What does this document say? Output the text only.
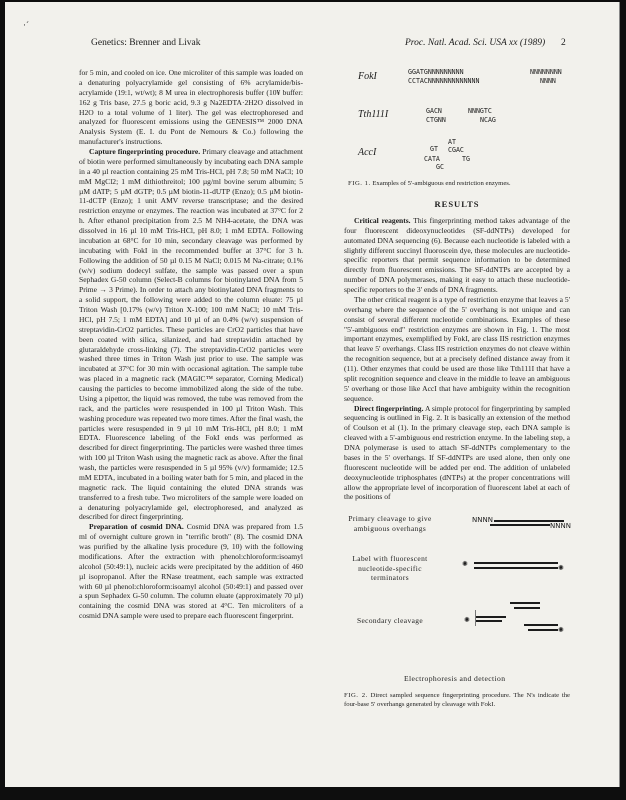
·ˊ
Genetics: Brenner and Livak	Proc. Natl. Acad. Sci. USA xx (1989) 2

for 5 min, and cooled on ice. One microliter of this sample was loaded on a denaturing polyacrylamide gel consisting of 6% acrylamide/bis-acrylamide (19:1, wt/wt); 8 M urea in electrophoresis buffer (10¥ buffer: 162 g Tris base, 27.5 g boric acid, 9.3 g Na2EDTA·2H2O dissolved in H2O to a total volume of 1 liter). The gel was electrophoresed and analyzed for fluorescent emissions using the GENESIS™ 2000 DNA Analysis System (E. I. du Pont de Nemours & Co.) following the manufacturer's instructions.

Capture fingerprinting procedure. Primary cleavage and attachment of biotin were performed simultaneously by incubating each DNA sample in a 40 µl reaction containing 25 mM Tris-HCl, pH 7.8; 50 mM NaCl; 10 mM MgCl2; 1 mM dithiothreitol; 100 µg/ml bovine serum albumin; 5 µM dATP; 5 µM dGTP; 0.5 µM biotin-11-dUTP (Enzo); 0.5 µM biotin-11-dCTP (Enzo); 1 unit AMV reverse transcriptase; and the desired restriction enzyme or enzymes. The reaction was incubated at 37°C for 2 h. After ethanol precipitation from 2.5 M NH4-acetate, the DNA was dissolved in 16 µl 10 mM Tris-HCl, pH 8.0; 1 mM EDTA. Following incubation at 68°C for 10 min, secondary cleavage was performed by incubating with FokI in the recommended buffer at 37°C for 3 h. Following the addition of 50 µl 0.15 M NaCl; 0.015 M Na-citrate; 0.1% (w/v) sodium dodecyl sulfate, the sample was passed over a spun Sephadex G-50 column (Select-B columns for biotinylated DNA from 5 Prime → 3 Prime). In order to attach any biotinylated DNA fragments to a solid support, the following were added to the column eluate: 75 µl Triton Wash [0.17% (w/v) Triton X-100; 100 mM NaCl; 10 mM Tris-HCl, pH 7.5; 1 mM EDTA] and 10 µl of an 0.4% (w/v) suspension of streptavidin-CrO2 particles. These particles are CrO2 particles that have been coated with silica, silanized, and had streptavidin attached by glutaraldehyde cross-linking (7). The streptavidin-CrO2 particles were washed three times in Triton Wash just prior to use. The sample was incubated at 37°C for 30 min with occasional agitation. The sample tube was placed in a magnetic rack (MAGIC™ separator, Corning Medical) causing the particles to become immobilized along the side of the tube. Using a pipettor, the liquid was removed, the tube was removed from the rack, and the particles were resuspended in 100 µl Triton Wash. This washing procedure was repeated two more times. After the final wash, the particles were resuspended in 9 µl 10 mM Tris-HCl, pH 8.0; 1 mM EDTA. Fluorescence labeling of the FokI ends was performed as described for direct fingerprinting. The particles were washed three times with 100 µl Triton Wash using the magnetic rack as above. After the final wash, the particles were resuspended in 5 µl 95% (v/v) formamide; 12.5 mM EDTA, incubated in a boiling water bath for 5 min, and placed in the magnetic rack. The liquid containing the eluted DNA strands was transferred to a fresh tube. Two microliters of the sample were loaded on a denaturing polyacrylamide gel, electrophoresed, and analyzed as described for direct fingerprinting.

Preparation of cosmid DNA. Cosmid DNA was prepared from 1.5 ml of overnight culture grown in "terrific broth" (8). The cosmid DNA was purified by the alkaline lysis procedure (9, 10) with the following modifications. After the extraction with phenol:chloroform:isoamyl alcohol (50:49:1), nucleic acids were precipitated by the addition of 460 µl isopropanol. After the RNase treatment, each sample was extracted with 60 µl phenol:chloroform:isoamyl alcohol (50:49:1) and passed over a spun Sephadex G-50 column. The column eluate (approximately 70 µl) containing the cosmid DNA was stored at 4°C. Ten microliters of a cosmid DNA sample were used to prepare each fluorescent fingerprint.

FokI	GGATGNNNNNNNNN	NNNNNNNN
CCTACNNNNNNNNNNNNN	NNNN
Tth111I	GACN	NNNGTC
CTGNN	NCAG
AccI
AT
GT CGAC
CATA	TG
GC
FIG. 1. Examples of 5'-ambiguous end restriction enzymes.
RESULTS

Critical reagents. This fingerprinting method takes advantage of the four fluorescent dideoxynucleotides (SF-ddNTPs) developed for automated DNA sequencing (6). Because each nucleotide is labeled with a slightly different succinyl fluoroscein dye, these molecules are nucleotide-specific reporters that permit sequence information to be determined directly from fluorescent emissions. The SF-ddNTPs are accepted by a number of DNA polymerases, making it easy to attach these nucleotide-specific reporters to the 3' ends of DNA fragments.

The other critical reagent is a type of restriction enzyme that leaves a 5' overhang where the sequence of the 5' overhang is not unique and can consist of several different nucleotide combinations. Examples of these "5'-ambiguous end" restriction enzymes are shown in Fig. 1. The most important enzymes, exemplified by FokI, are class IIS restriction enzymes that leave 5' overhangs. Class IIS restriction enzymes do not cleave within the recognition sequence, but at a precisely defined distance away from it (11). Other enzymes that could be used are those like Tth111I that have a split recognition sequence and cleave in the middle to leave an ambiguous 5' overhang or those like AccI that have ambiguity within the recognition sequence.

Direct fingerprinting. A simple protocol for fingerprinting by sampled sequencing is outlined in Fig. 2. It is basically an extension of the method of Coulson et al (1). In the primary cleavage step, each DNA sample is cleaved with a 5'-ambiguous end restriction enzyme. In the labeling step, a DNA polymerase is used to attach SF-ddNTPs complementary to the bases in the 5' overhangs. If SF-ddNTPs are used alone, then only one fluorescent nucleotide will be added per end. The addition of unlabeled deoxynucleotide triphosphates (dNTPs) at the proper concentrations will allow the appropriate level of incorporation of fluorescent label at each of the positions of

Primary cleavage to give
ambiguous overhangs
Label with fluorescent
nucleotide-specific
terminators
Secondary cleavage
NNNN
NNNN
✺	✺
✺
✺
Electrophoresis and detection
FIG. 2. Direct sampled sequence fingerprinting procedure. The N's indicate the four-base 5' overhangs generated by cleavage with FokI.
